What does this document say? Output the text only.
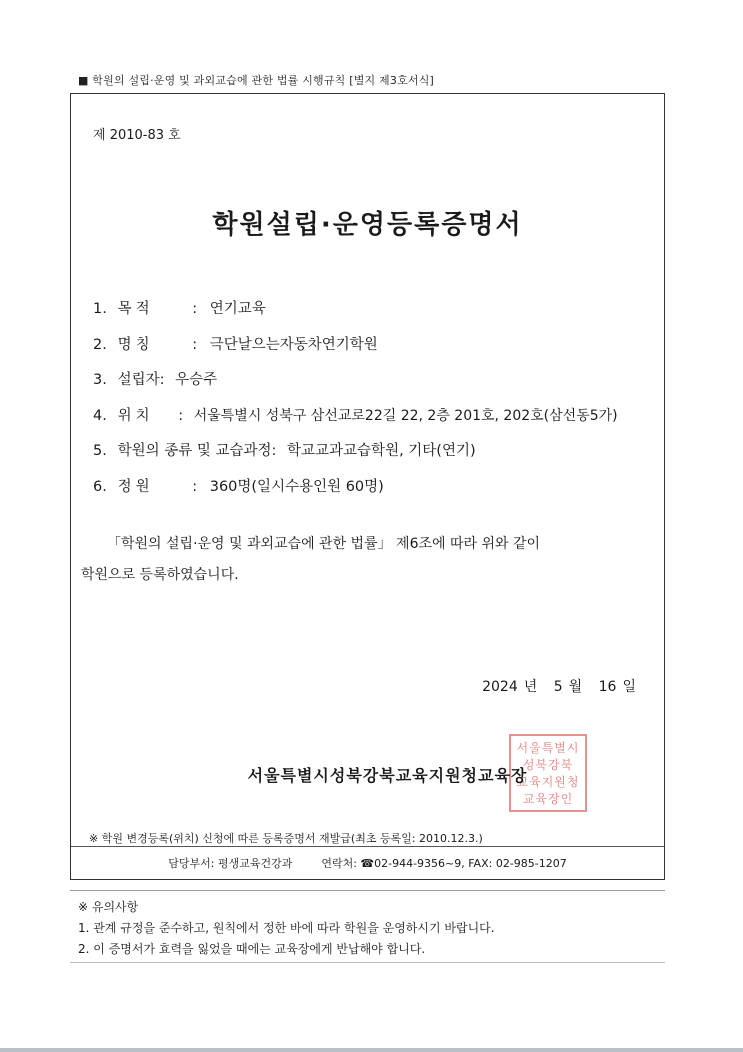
■ 학원의 설립·운영 및 과외교습에 관한 법률 시행규칙 [별지 제3호서식]
제 2010-83 호
학원설립·운영등록증명서
1. 목적	: 연기교육
2. 명칭	: 극단날으는자동차연기학원
3. 설립자: 우승주
4. 위치 : 서울특별시 성북구 삼선교로22길 22, 2층 201호, 202호(삼선동5가)
5. 학원의 종류 및 교습과정: 학교교과교습학원, 기타(연기)
6. 정원	: 360명(일시수용인원 60명)
「학원의 설립·운영 및 과외교습에 관한 법률」 제6조에 따라 위와 같이
학원으로 등록하였습니다.
2024 년 5 월 16 일
서울특별시
성북강북
교육지원청
교육장인
서울특별시성북강북교육지원청교육장
※ 학원 변경등록(위치) 신청에 따른 등록증명서 재발급(최초 등록일: 2010.12.3.)
담당부서: 평생교육건강과	연락처: ☎02-944-9356~9, FAX: 02-985-1207
※ 유의사항
1. 관계 규정을 준수하고, 원칙에서 정한 바에 따라 학원을 운영하시기 바랍니다.
2. 이 증명서가 효력을 잃었을 때에는 교육장에게 반납해야 합니다.
